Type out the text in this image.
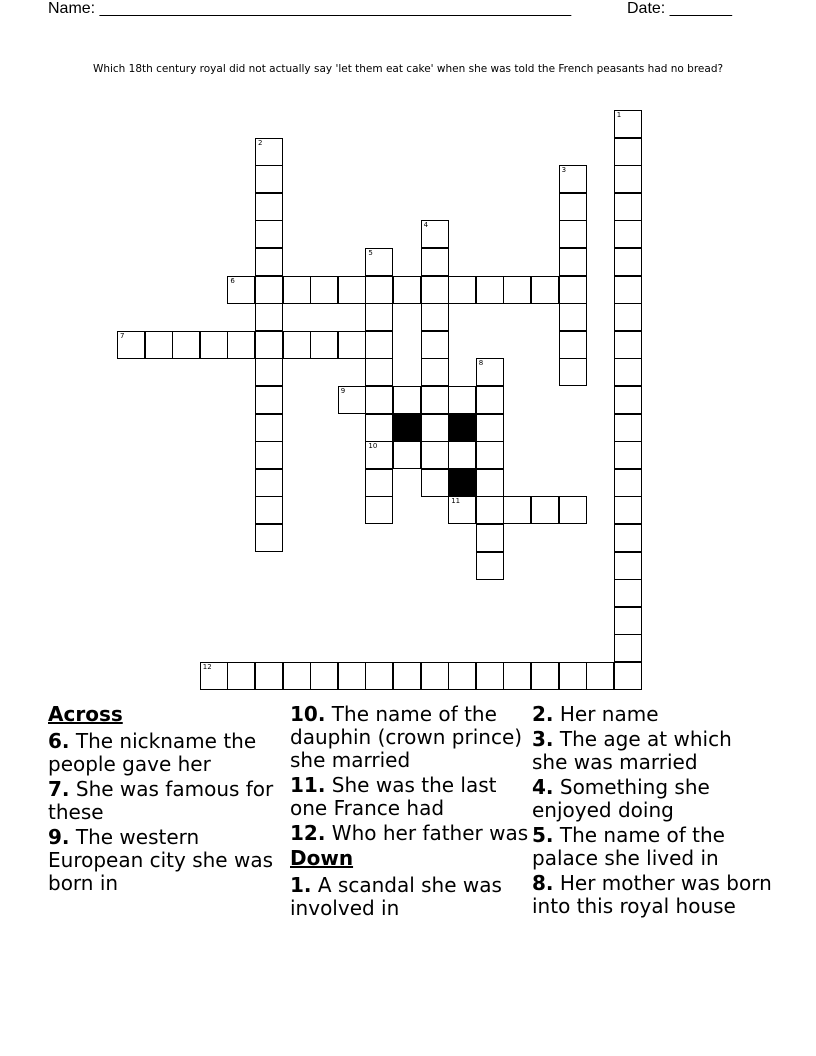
Name: _____________________________________________________	Date: _______
Which 18th century royal did not actually say 'let them eat cake' when she was told the French peasants had no bread?
1
2
3
4
5
10
6
7
8
9
11
12
Across
6. The nickname the people gave her
7. She was famous for these
9. The western European city she was born in
10. The name of the dauphin (crown prince) she married
11. She was the last one France had
12. Who her father was
Down
1. A scandal she was involved in
2. Her name
3. The age at which she was married
4. Something she enjoyed doing
5. The name of the palace she lived in
8. Her mother was born into this royal house
